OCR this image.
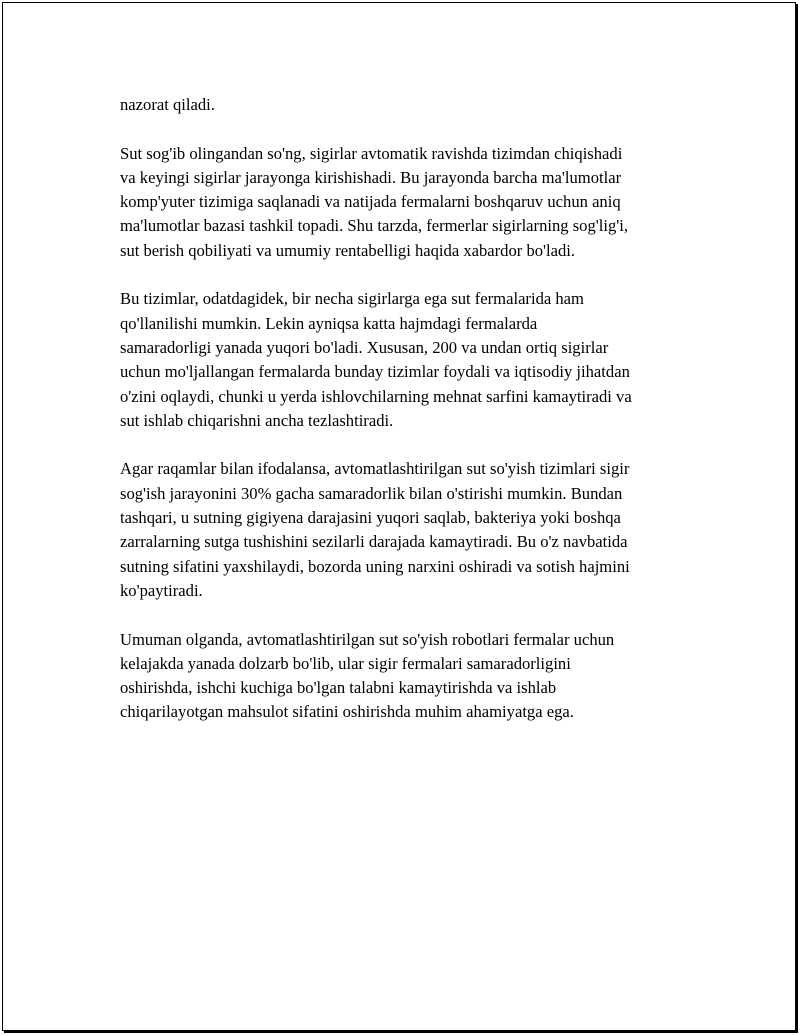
nazorat qiladi.

Sut sog'ib olingandan so'ng, sigirlar avtomatik ravishda tizimdan chiqishadi
va keyingi sigirlar jarayonga kirishishadi. Bu jarayonda barcha ma'lumotlar
komp'yuter tizimiga saqlanadi va natijada fermalarni boshqaruv uchun aniq
ma'lumotlar bazasi tashkil topadi. Shu tarzda, fermerlar sigirlarning sog'lig'i,
sut berish qobiliyati va umumiy rentabelligi haqida xabardor bo'ladi.

Bu tizimlar, odatdagidek, bir necha sigirlarga ega sut fermalarida ham
qo'llanilishi mumkin. Lekin ayniqsa katta hajmdagi fermalarda
samaradorligi yanada yuqori bo'ladi. Xususan, 200 va undan ortiq sigirlar
uchun mo'ljallangan fermalarda bunday tizimlar foydali va iqtisodiy jihatdan
o'zini oqlaydi, chunki u yerda ishlovchilarning mehnat sarfini kamaytiradi va
sut ishlab chiqarishni ancha tezlashtiradi.

Agar raqamlar bilan ifodalansa, avtomatlashtirilgan sut so'yish tizimlari sigir
sog'ish jarayonini 30% gacha samaradorlik bilan o'stirishi mumkin. Bundan
tashqari, u sutning gigiyena darajasini yuqori saqlab, bakteriya yoki boshqa
zarralarning sutga tushishini sezilarli darajada kamaytiradi. Bu o'z navbatida
sutning sifatini yaxshilaydi, bozorda uning narxini oshiradi va sotish hajmini
ko'paytiradi.

Umuman olganda, avtomatlashtirilgan sut so'yish robotlari fermalar uchun
kelajakda yanada dolzarb bo'lib, ular sigir fermalari samaradorligini
oshirishda, ishchi kuchiga bo'lgan talabni kamaytirishda va ishlab
chiqarilayotgan mahsulot sifatini oshirishda muhim ahamiyatga ega.
